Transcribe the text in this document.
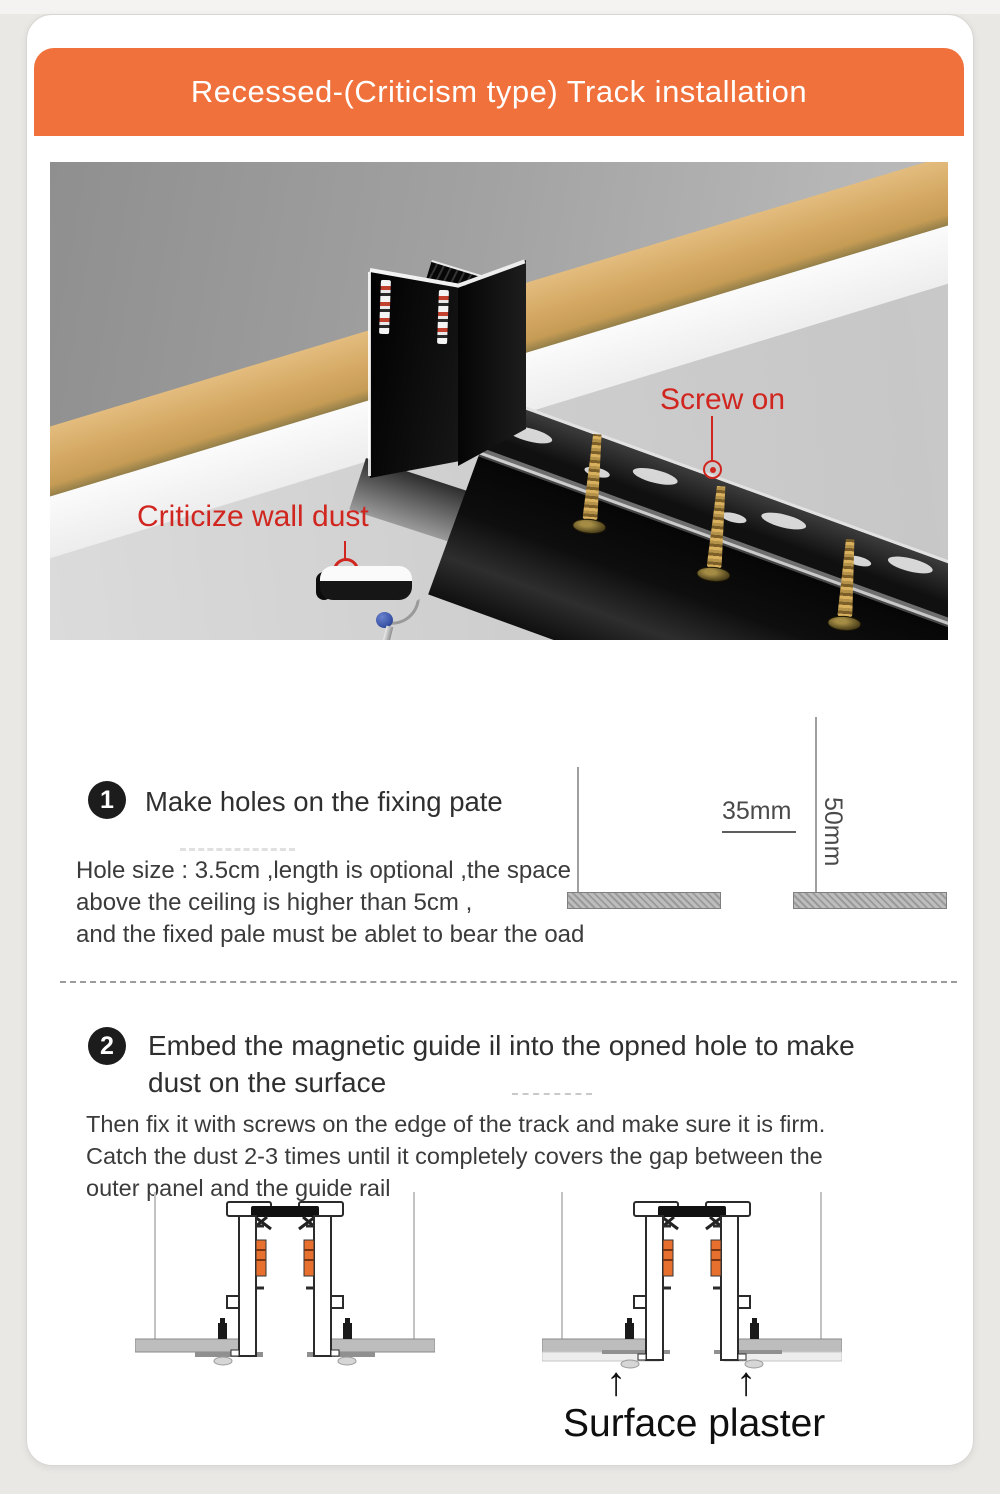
Recessed-(Criticism type) Track installation
Screw on
Criticize wall dust
1	Make holes on the fixing pate
Hole size : 3.5cm ,length is optional ,the space
above the ceiling is higher than 5cm ,
and the fixed pale must be ablet to bear the oad
35mm 50mm
2	Embed the magnetic guide il into the opned hole to make
dust on the surface
Then fix it with screws on the edge of the track and make sure it is firm.
Catch the dust 2-3 times until it completely covers the gap between the
outer panel and the guide rail
↑	↑
Surface plaster
